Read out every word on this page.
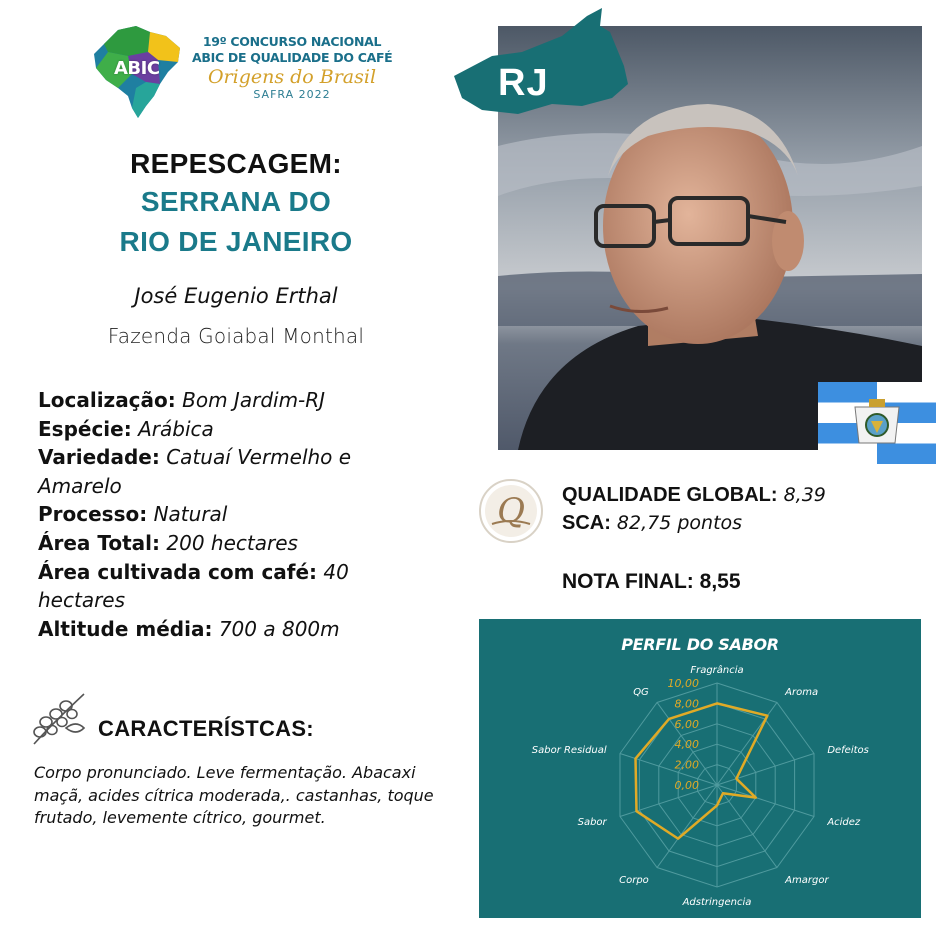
ABIC
19º CONCURSO NACIONAL
ABIC DE QUALIDADE DO CAFÉ
Origens do Brasil
SAFRA 2022
REPESCAGEM:
SERRANA DO
RIO DE JANEIRO
José Eugenio Erthal
Fazenda Goiabal Monthal
Localização: Bom Jardim-RJ
Espécie: Arábica
Variedade: Catuaí Vermelho e Amarelo
Processo: Natural
Área Total: 200 hectares
Área cultivada com café: 40 hectares
Altitude média: 700 a 800m
CARACTERÍSTCAS:
Corpo pronunciado. Leve fermentação. Abacaxi maçã, acides cítrica moderada,. castanhas, toque frutado, levemente cítrico, gourmet.
RJ
Q QUALIDADE GLOBAL: 8,39
SCA: 82,75 pontos
NOTA FINAL: 8,55
PERFIL DO SABOR
0,00
2,00
4,00
6,00
8,00
10,00
Fragrância
Aroma
Defeitos
Acidez
Amargor
Adstringencia
Corpo
Sabor
Sabor Residual
QG
